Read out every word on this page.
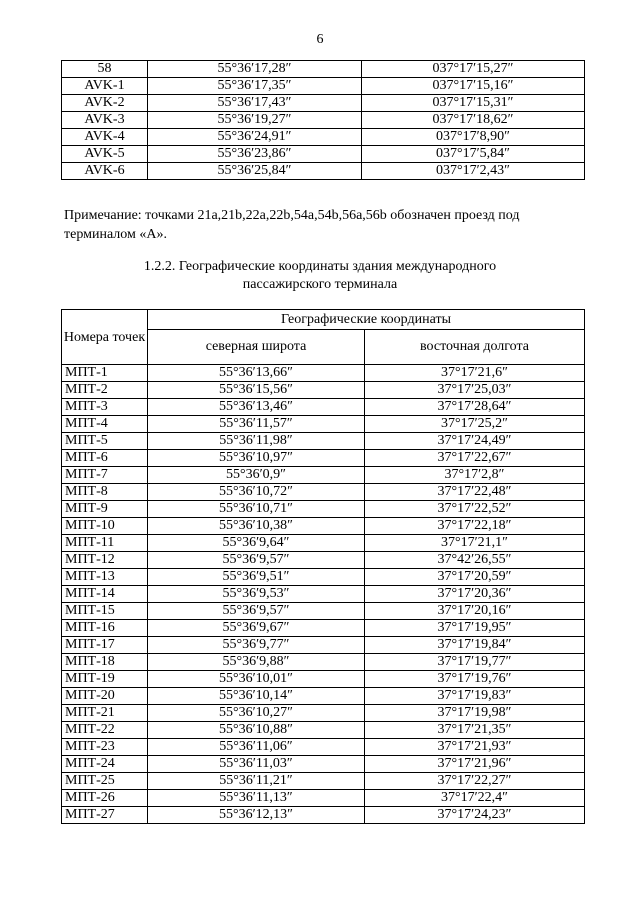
6
58	55°36′17,28″	037°17′15,27″
AVK-1	55°36′17,35″	037°17′15,16″
AVK-2	55°36′17,43″	037°17′15,31″
AVK-3	55°36′19,27″	037°17′18,62″
AVK-4	55°36′24,91″	037°17′8,90″
AVK-5	55°36′23,86″	037°17′5,84″
AVK-6	55°36′25,84″	037°17′2,43″
Примечание: точками 21a,21b,22a,22b,54a,54b,56a,56b обозначен проезд под терминалом «А».
1.2.2. Географические координаты здания международного
пассажирского терминала
Номера точек	Географические координаты	
	северная широта	восточная долгота
МПТ-1	55°36′13,66″	37°17′21,6″
МПТ-2	55°36′15,56″	37°17′25,03″
МПТ-3	55°36′13,46″	37°17′28,64″
МПТ-4	55°36′11,57″	37°17′25,2″
МПТ-5	55°36′11,98″	37°17′24,49″
МПТ-6	55°36′10,97″	37°17′22,67″
МПТ-7	55°36′0,9″	37°17′2,8″
МПТ-8	55°36′10,72″	37°17′22,48″
МПТ-9	55°36′10,71″	37°17′22,52″
МПТ-10	55°36′10,38″	37°17′22,18″
МПТ-11	55°36′9,64″	37°17′21,1″
МПТ-12	55°36′9,57″	37°42′26,55″
МПТ-13	55°36′9,51″	37°17′20,59″
МПТ-14	55°36′9,53″	37°17′20,36″
МПТ-15	55°36′9,57″	37°17′20,16″
МПТ-16	55°36′9,67″	37°17′19,95″
МПТ-17	55°36′9,77″	37°17′19,84″
МПТ-18	55°36′9,88″	37°17′19,77″
МПТ-19	55°36′10,01″	37°17′19,76″
МПТ-20	55°36′10,14″	37°17′19,83″
МПТ-21	55°36′10,27″	37°17′19,98″
МПТ-22	55°36′10,88″	37°17′21,35″
МПТ-23	55°36′11,06″	37°17′21,93″
МПТ-24	55°36′11,03″	37°17′21,96″
МПТ-25	55°36′11,21″	37°17′22,27″
МПТ-26	55°36′11,13″	37°17′22,4″
МПТ-27	55°36′12,13″	37°17′24,23″
